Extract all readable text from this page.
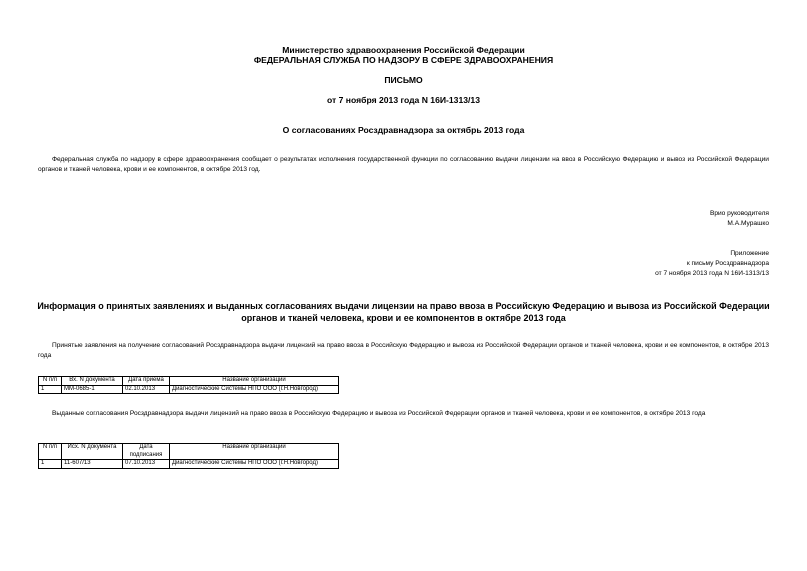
Министерство здравоохранения Российской Федерации
ФЕДЕРАЛЬНАЯ СЛУЖБА ПО НАДЗОРУ В СФЕРЕ ЗДРАВООХРАНЕНИЯ
ПИСЬМО
от 7 ноября 2013 года N 16И-1313/13
О согласованиях Росздравнадзора за октябрь 2013 года
Федеральная служба по надзору в сфере здравоохранения сообщает о результатах исполнения государственной функции по согласованию выдачи лицензии на ввоз в Российскую Федерацию и вывоз из Российской Федерации органов и тканей человека, крови и ее компонентов, в октябре 2013 год.
Врио руководителя
М.А.Мурашко
Приложение
к письму Росздравнадзора
от 7 ноября 2013 года N 16И-1313/13
Информация о принятых заявлениях и выданных согласованиях выдачи лицензии на право ввоза в Российскую Федерацию и вывоза из Российской Федерации
органов и тканей человека, крови и ее компонентов в октябре 2013 года
Принятые заявления на получение согласований Росздравнадзора выдачи лицензий на право ввоза в Российскую Федерацию и вывоза из Российской Федерации органов и тканей человека, крови и ее компонентов, в октябре 2013 года
N п/п	Вх. N документа	Дата приема	Название организации
1	ММ-0685-1	02.10.2013	Диагностические Системы НПО ООО (г.Н.Новгород)
Выданные согласования Росздравнадзора выдачи лицензий на право ввоза в Российскую Федерацию и вывоза из Российской Федерации органов и тканей человека, крови и ее компонентов, в октябре 2013 года
N п/п	Исх. N документа	Дата подписания	Название организации
1	11-607/13	07.10.2013	Диагностические Системы НПО ООО (г.Н.Новгород)
